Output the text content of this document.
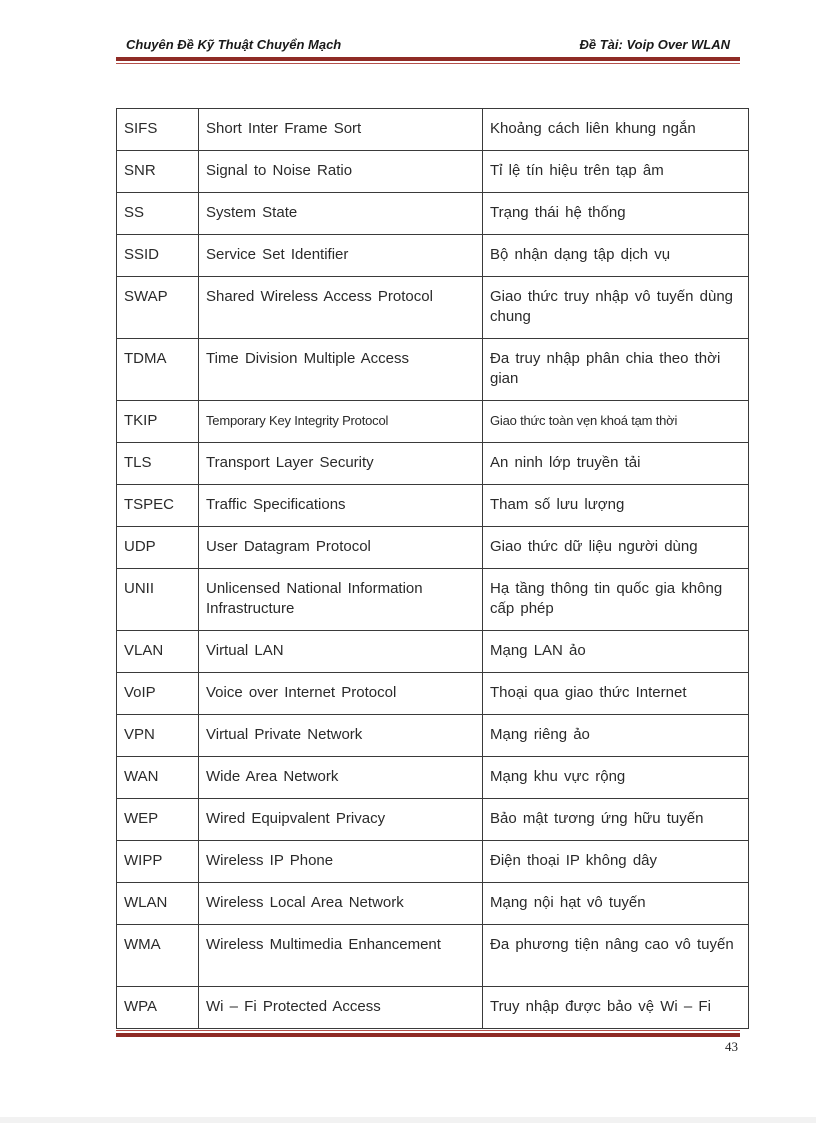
Chuyên Đề Kỹ Thuật Chuyển Mạch	Đề Tài: Voip Over WLAN
SIFS	Short Inter Frame Sort	Khoảng cách liên khung ngắn
SNR	Signal to Noise Ratio	Tỉ lệ tín hiệu trên tạp âm
SS	System State	Trạng thái hệ thống
SSID	Service Set Identifier	Bộ nhận dạng tập dịch vụ
SWAP	Shared Wireless Access Protocol	Giao thức truy nhập vô tuyến dùng chung
TDMA	Time Division Multiple Access	Đa truy nhập phân chia theo thời gian
TKIP	Temporary Key Integrity Protocol	Giao thức toàn vẹn khoá tạm thời
TLS	Transport Layer Security	An ninh lớp truyền tải
TSPEC	Traffic Specifications	Tham số lưu lượng
UDP	User Datagram Protocol	Giao thức dữ liệu người dùng
UNII	Unlicensed National Information Infrastructure	Hạ tầng thông tin quốc gia không cấp phép
VLAN	Virtual LAN	Mạng LAN ảo
VoIP	Voice over Internet Protocol	Thoại qua giao thức Internet
VPN	Virtual Private Network	Mạng riêng ảo
WAN	Wide Area Network	Mạng khu vực rộng
WEP	Wired Equipvalent Privacy	Bảo mật tương ứng hữu tuyến
WIPP	Wireless IP Phone	Điện thoại IP không dây
WLAN	Wireless Local Area Network	Mạng nội hạt vô tuyến
WMA	Wireless Multimedia Enhancement	Đa phương tiện nâng cao vô tuyến
WPA	Wi – Fi Protected Access	Truy nhập được bảo vệ Wi – Fi
43
